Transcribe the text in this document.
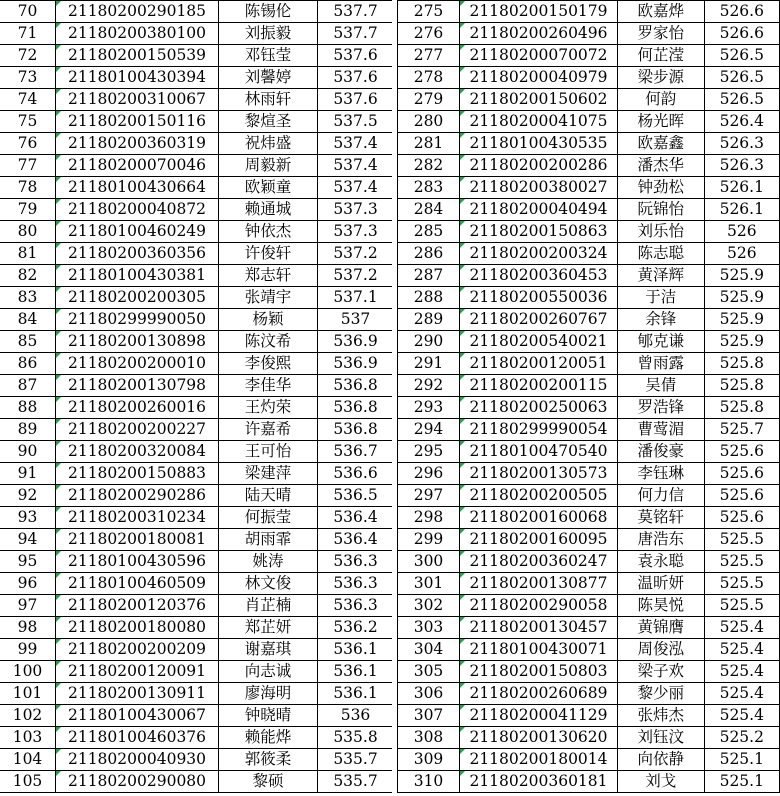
70	21180200290185	陈锡伦	537.7
71	21180200380100	刘振毅	537.7
72	21180200150539	邓钰莹	537.6
73	21180100430394	刘馨婷	537.6
74	21180200310067	林雨轩	537.6
75	21180200150116	黎煊圣	537.5
76	21180200360319	祝炜盛	537.4
77	21180200070046	周毅新	537.4
78	21180100430664	欧颖童	537.4
79	21180200040872	赖通城	537.3
80	21180100460249	钟依杰	537.3
81	21180200360356	许俊轩	537.2
82	21180100430381	郑志轩	537.2
83	21180200200305	张靖宇	537.1
84	21180299990050	杨颖	537
85	21180200130898	陈汶希	536.9
86	21180200200010	李俊熙	536.9
87	21180200130798	李佳华	536.8
88	21180200260016	王灼荣	536.8
89	21180200200227	许嘉希	536.8
90	21180200320084	王可怡	536.7
91	21180200150883	梁建萍	536.6
92	21180200290286	陆天晴	536.5
93	21180200310234	何振莹	536.4
94	21180200180081	胡雨霏	536.4
95	21180100430596	姚涛	536.3
96	21180100460509	林文俊	536.3
97	21180200120376	肖芷楠	536.3
98	21180200180080	郑芷妍	536.2
99	21180200200209	谢嘉琪	536.1
100	21180200120091	向志诚	536.1
101	21180200130911	廖海明	536.1
102	21180100430067	钟晓晴	536
103	21180100460376	赖能烨	535.8
104	21180200040930	郭筱柔	535.7
105	21180200290080	黎硕	535.7
275	21180200150179	欧嘉烨	526.6
276	21180200260496	罗家怡	526.6
277	21180200070072	何芷滢	526.5
278	21180200040979	梁步源	526.5
279	21180200150602	何韵	526.5
280	21180200041075	杨光晖	526.4
281	21180100430535	欧嘉鑫	526.3
282	21180200200286	潘杰华	526.3
283	21180200380027	钟劲松	526.1
284	21180200040494	阮锦怡	526.1
285	21180200150863	刘乐怡	526
286	21180200200324	陈志聪	526
287	21180200360453	黄泽辉	525.9
288	21180200550036	于洁	525.9
289	21180200260767	余锋	525.9
290	21180200540021	郇克谦	525.9
291	21180200120051	曾雨露	525.8
292	21180200200115	吴倩	525.8
293	21180200250063	罗浩锋	525.8
294	21180299990054	曹莺湄	525.7
295	21180100470540	潘俊豪	525.6
296	21180200130573	李钰琳	525.6
297	21180200200505	何力信	525.6
298	21180200160068	莫铭轩	525.6
299	21180200160095	唐浩东	525.5
300	21180200360247	袁永聪	525.5
301	21180200130877	温昕妍	525.5
302	21180200290058	陈昊悦	525.5
303	21180200130457	黄锦膺	525.4
304	21180100430071	周俊泓	525.4
305	21180200150803	梁子欢	525.4
306	21180200260689	黎少丽	525.4
307	21180200041129	张炜杰	525.4
308	21180200130620	刘钰汶	525.2
309	21180200180014	向依静	525.1
310	21180200360181	刘戈	525.1
